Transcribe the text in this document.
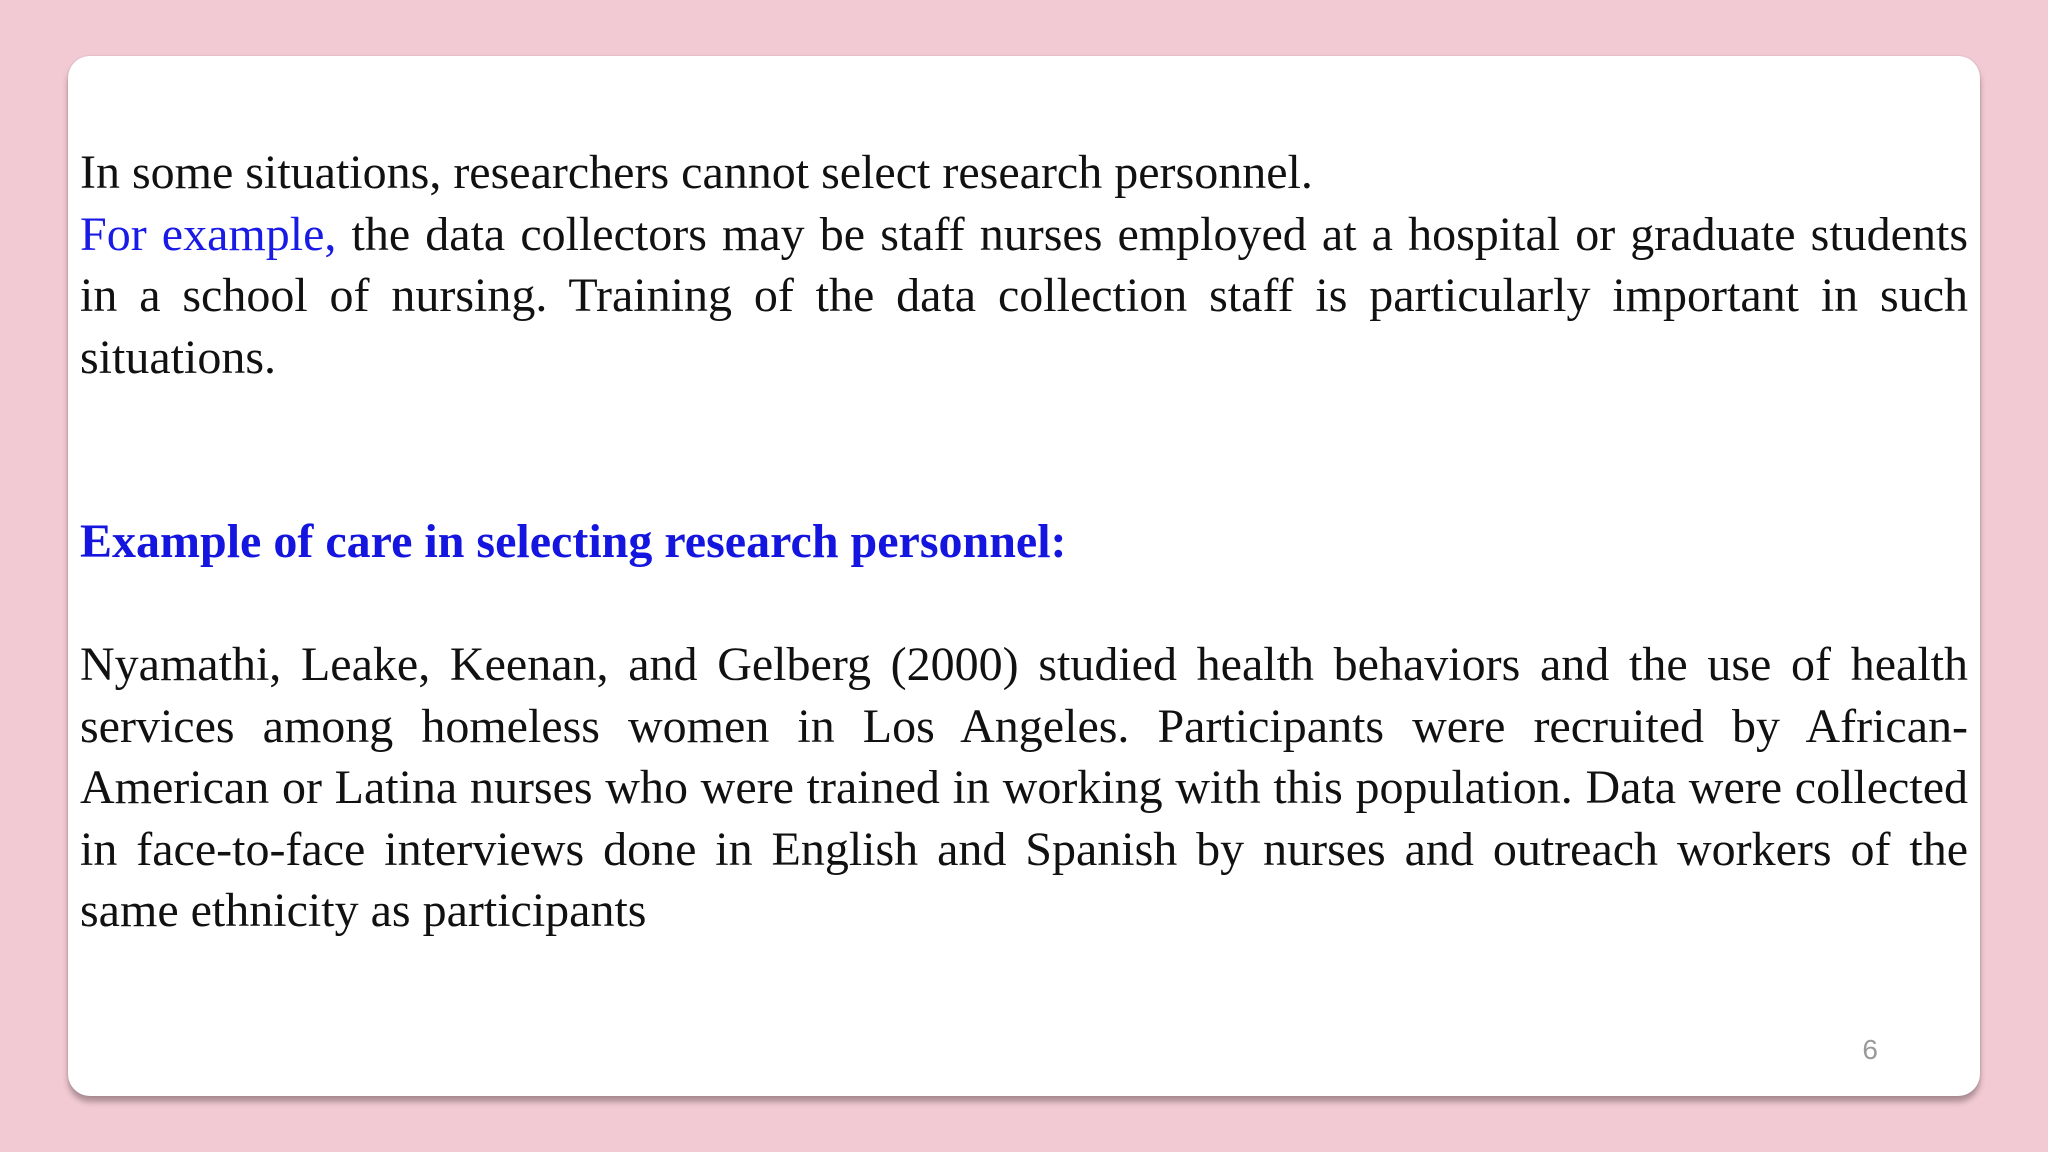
In some situations, researchers cannot select research personnel.

For example, the data collectors may be staff nurses employed at a hospital or graduate students in a school of nursing. Training of the data collection staff is particularly important in such situations.

Example of care in selecting research personnel:

Nyamathi, Leake, Keenan, and Gelberg (2000) studied health behaviors and the use of health services among homeless women in Los Angeles. Participants were recruited by African-American or Latina nurses who were trained in working with this population. Data were collected in face-to-face interviews done in English and Spanish by nurses and outreach workers of the same ethnicity as participants

6
